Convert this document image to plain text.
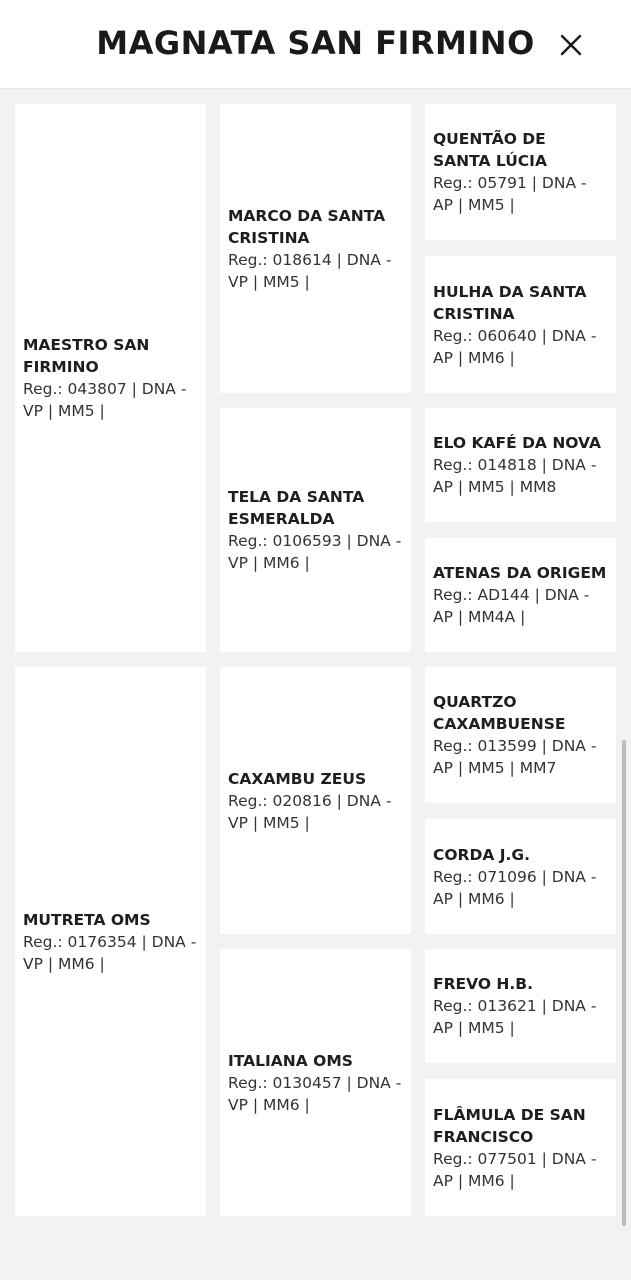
MAGNATA SAN FIRMINO
MAESTRO SAN FIRMINO
Reg.: 043807 | DNA - VP | MM5 |
MUTRETA OMS
Reg.: 0176354 | DNA - VP | MM6 |
MARCO DA SANTA CRISTINA
Reg.: 018614 | DNA - VP | MM5 |
TELA DA SANTA ESMERALDA
Reg.: 0106593 | DNA - VP | MM6 |
CAXAMBU ZEUS
Reg.: 020816 | DNA - VP | MM5 |
ITALIANA OMS
Reg.: 0130457 | DNA - VP | MM6 |
QUENTÃO DE SANTA LÚCIA
Reg.: 05791 | DNA - AP | MM5 |
HULHA DA SANTA CRISTINA
Reg.: 060640 | DNA - AP | MM6 |
ELO KAFÉ DA NOVA
Reg.: 014818 | DNA - AP | MM5 | MM8
ATENAS DA ORIGEM
Reg.: AD144 | DNA - AP | MM4A |
QUARTZO CAXAMBUENSE
Reg.: 013599 | DNA - AP | MM5 | MM7
CORDA J.G.
Reg.: 071096 | DNA - AP | MM6 |
FREVO H.B.
Reg.: 013621 | DNA - AP | MM5 |
FLÂMULA DE SAN FRANCISCO
Reg.: 077501 | DNA - AP | MM6 |
